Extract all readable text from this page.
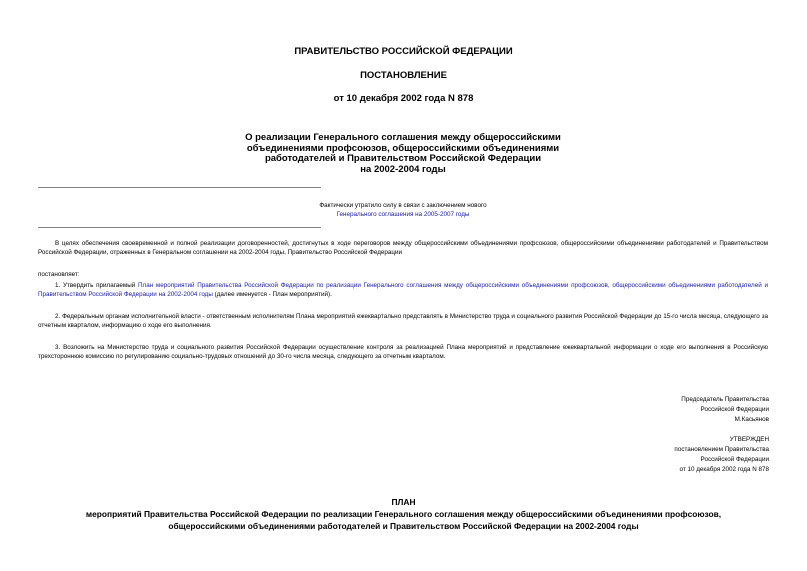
ПРАВИТЕЛЬСТВО РОССИЙСКОЙ ФЕДЕРАЦИИ
ПОСТАНОВЛЕНИЕ
от 10 декабря 2002 года N 878
О реализации Генерального соглашения между общероссийскими
объединениями профсоюзов, общероссийскими объединениями
работодателей и Правительством Российской Федерации
на 2002-2004 годы
Фактически утратило силу в связи с заключением нового
Генерального соглашения на 2005-2007 годы
В целях обеспечения своевременной и полной реализации договоренностей, достигнутых в ходе переговоров между общероссийскими объединениями профсоюзов, общероссийскими объединениями работодателей и Правительством Российской Федерации, отраженных в Генеральном соглашении на 2002-2004 годы, Правительство Российской Федерации
постановляет:
1. Утвердить прилагаемый План мероприятий Правительства Российской Федерации по реализации Генерального соглашения между общероссийскими объединениями профсоюзов, общероссийскими объединениями работодателей и Правительством Российской Федерации на 2002-2004 годы (далее именуется - План мероприятий).
2. Федеральным органам исполнительной власти - ответственным исполнителям Плана мероприятий ежеквартально представлять в Министерство труда и социального развития Российской Федерации до 15-го числа месяца, следующего за отчетным кварталом, информацию о ходе его выполнения.
3. Возложить на Министерство труда и социального развития Российской Федерации осуществление контроля за реализацией Плана мероприятий и представление ежеквартальной информации о ходе его выполнения в Российскую трехстороннюю комиссию по регулированию социально-трудовых отношений до 30-го числа месяца, следующего за отчетным кварталом.
Председатель Правительства
Российской Федерации
М.Касьянов
УТВЕРЖДЕН
постановлением Правительства
Российской Федерации
от 10 декабря 2002 года N 878
ПЛАН
мероприятий Правительства Российской Федерации по реализации Генерального соглашения между общероссийскими объединениями профсоюзов,
общероссийскими объединениями работодателей и Правительством Российской Федерации на 2002-2004 годы
